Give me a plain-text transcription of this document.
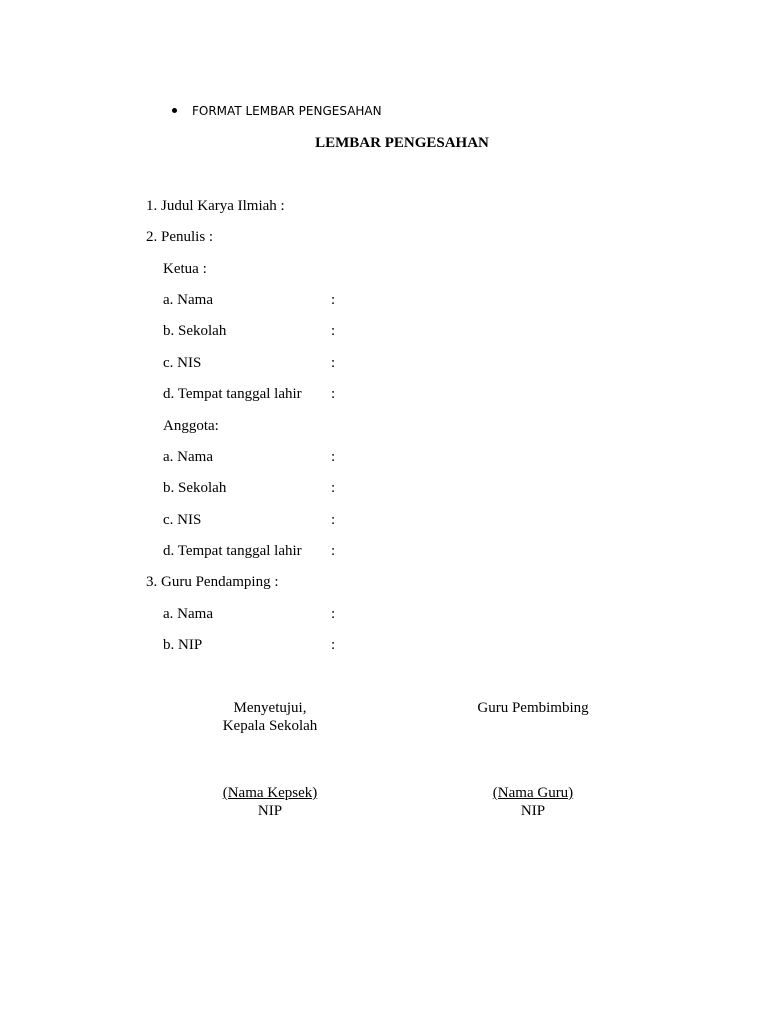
FORMAT LEMBAR PENGESAHAN
LEMBAR PENGESAHAN
1. Judul Karya Ilmiah :
2. Penulis :
Ketua :
a. Nama	:
b. Sekolah	:
c. NIS	:
d. Tempat tanggal lahir :
Anggota:
a. Nama	:
b. Sekolah	:
c. NIS	:
d. Tempat tanggal lahir :
3. Guru Pendamping :
a. Nama	:
b. NIP	:
Menyetujui,
Kepala Sekolah
(Nama Kepsek)
NIP
Guru Pembimbing
(Nama Guru)
NIP
